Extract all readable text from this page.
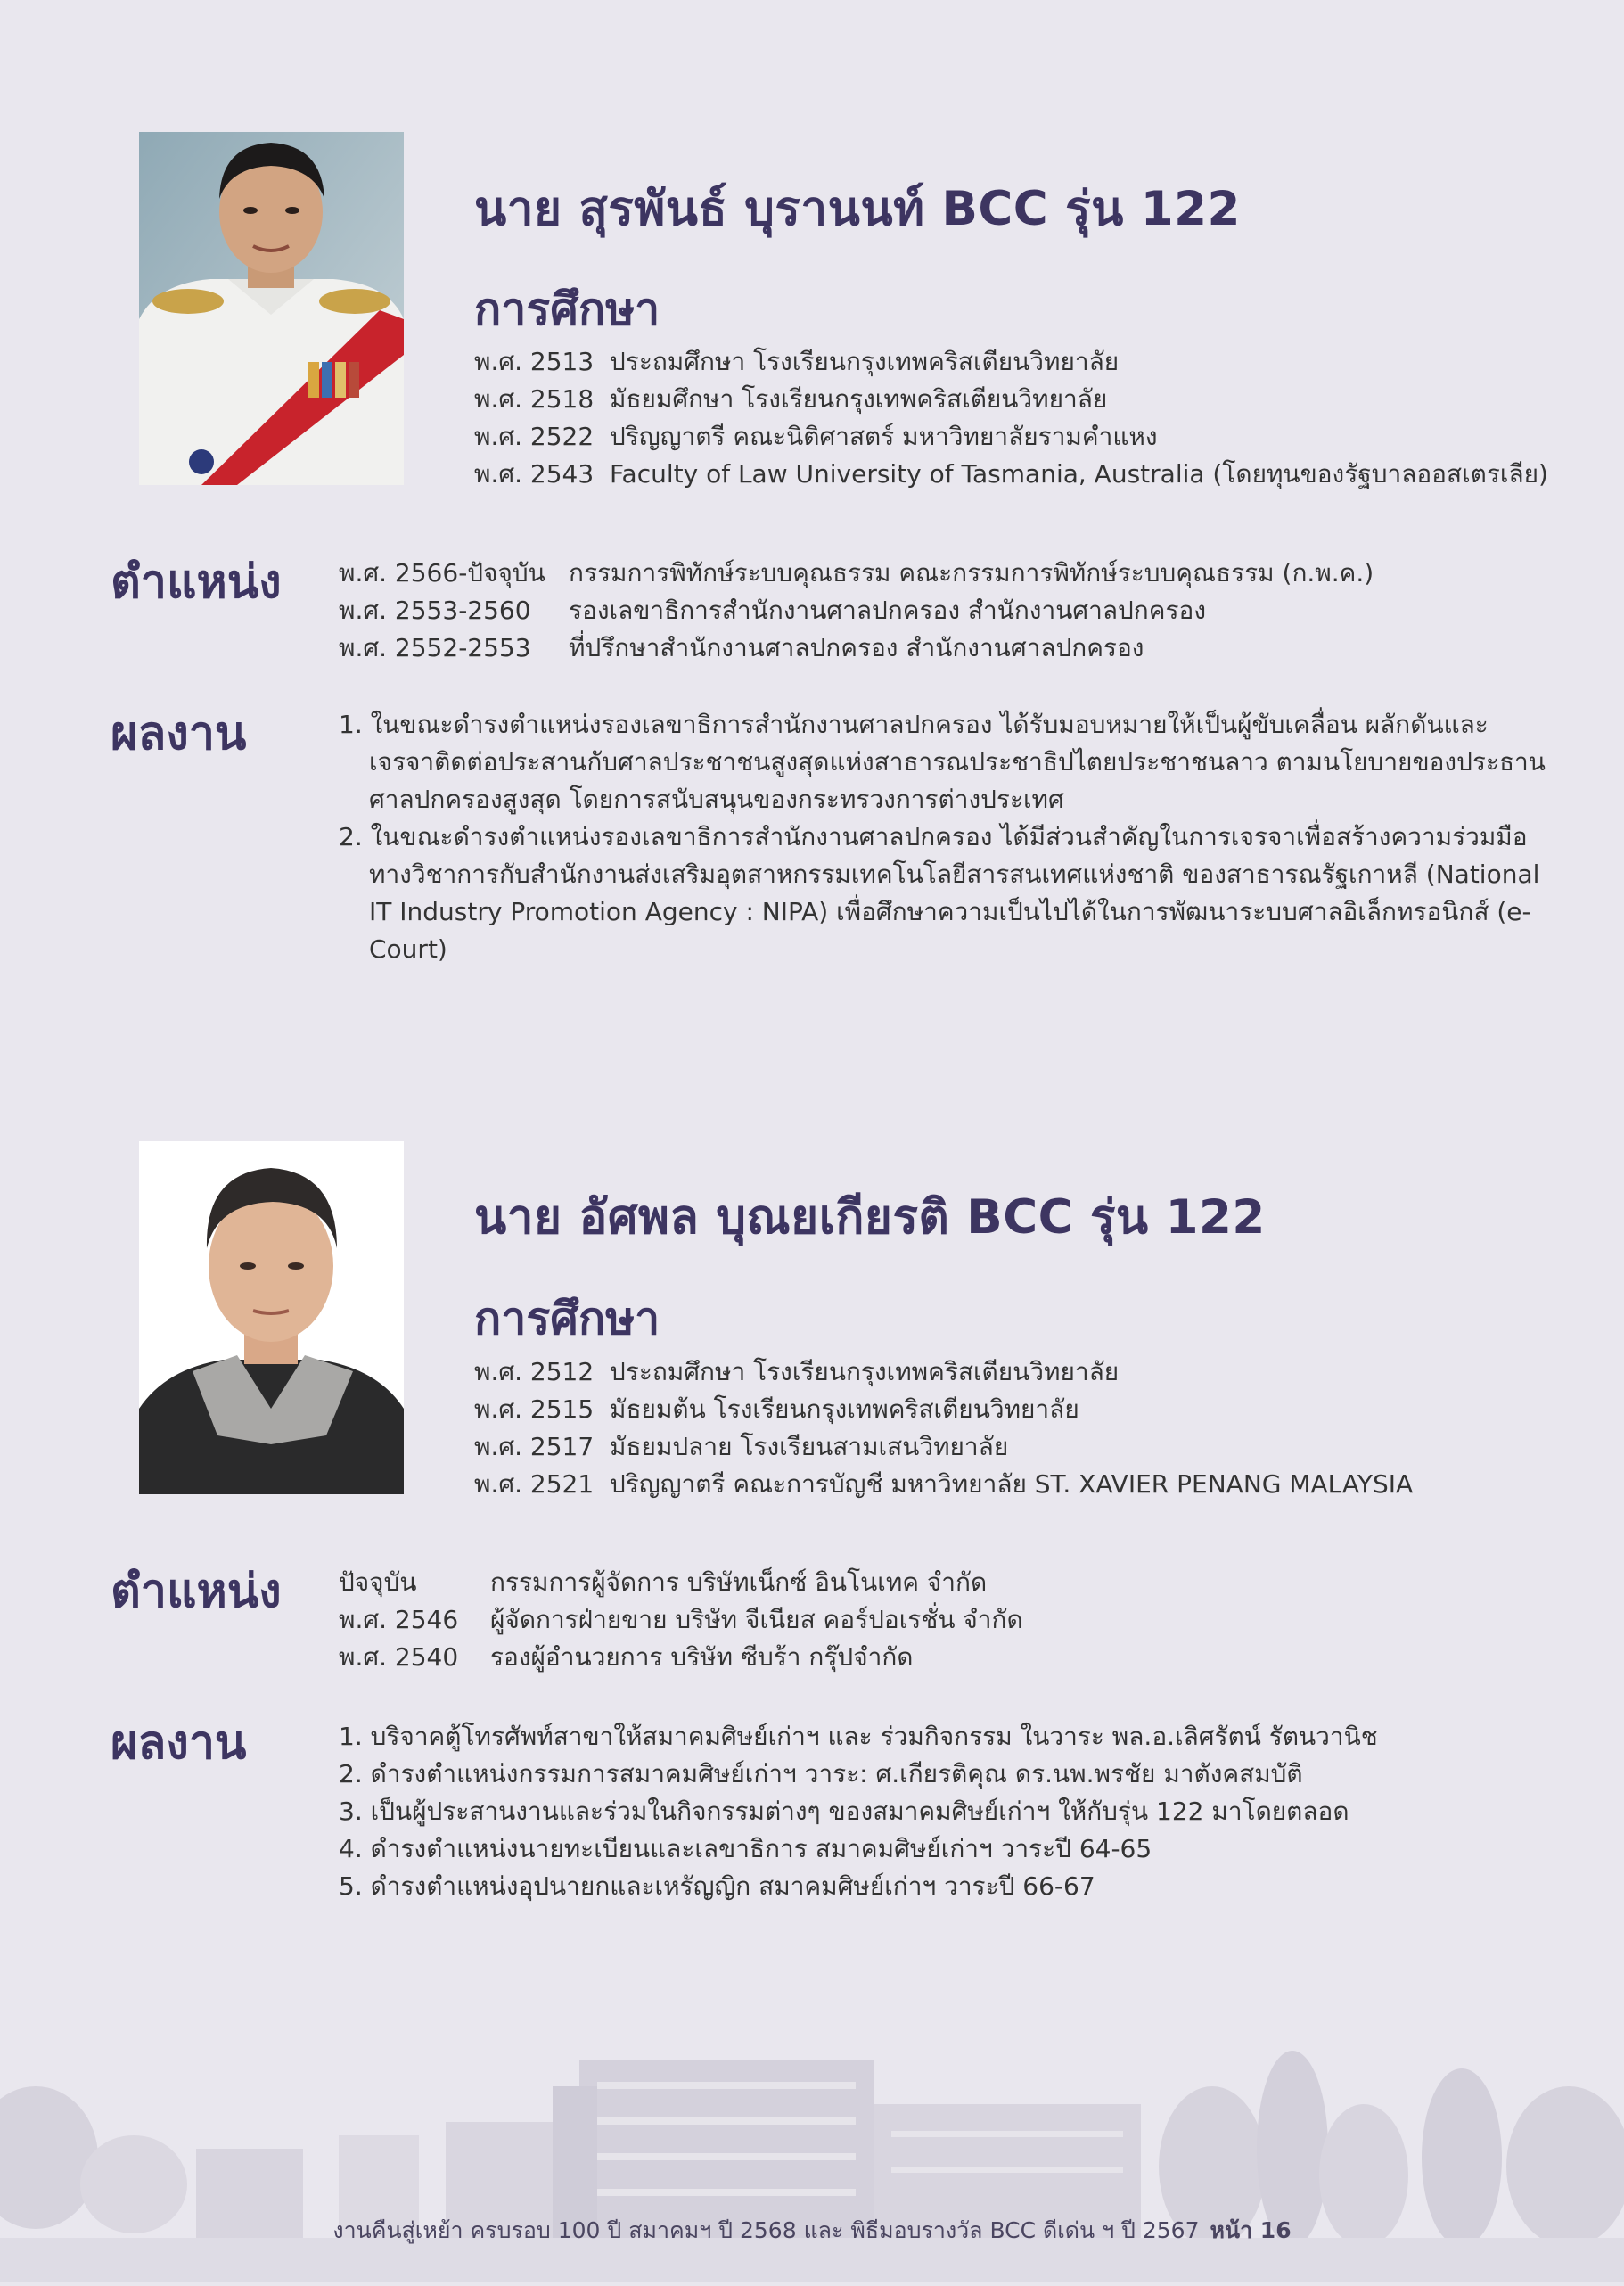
นาย สุรพันธ์ บุรานนท์ BCC รุ่น 122
การศึกษา
พ.ศ. 2513 ประถมศึกษา โรงเรียนกรุงเทพคริสเตียนวิทยาลัย
พ.ศ. 2518 มัธยมศึกษา โรงเรียนกรุงเทพคริสเตียนวิทยาลัย
พ.ศ. 2522 ปริญญาตรี คณะนิติศาสตร์ มหาวิทยาลัยรามคำแหง
พ.ศ. 2543 Faculty of Law University of Tasmania, Australia (โดยทุนของรัฐบาลออสเตรเลีย)
ตำแหน่ง พ.ศ. 2566-ปัจจุบัน กรรมการพิทักษ์ระบบคุณธรรม คณะกรรมการพิทักษ์ระบบคุณธรรม (ก.พ.ค.)
พ.ศ. 2553-2560 รองเลขาธิการสำนักงานศาลปกครอง สำนักงานศาลปกครอง
พ.ศ. 2552-2553 ที่ปรึกษาสำนักงานศาลปกครอง สำนักงานศาลปกครอง
ผลงาน	1. ในขณะดำรงตำแหน่งรองเลขาธิการสำนักงานศาลปกครอง ได้รับมอบหมายให้เป็นผู้ขับเคลื่อน ผลักดันและเจรจาติดต่อประสานกับศาลประชาชนสูงสุดแห่งสาธารณประชาธิปไตยประชาชนลาว ตามนโยบายของประธานศาลปกครองสูงสุด โดยการสนับสนุนของกระทรวงการต่างประเทศ
2. ในขณะดำรงตำแหน่งรองเลขาธิการสำนักงานศาลปกครอง ได้มีส่วนสำคัญในการเจรจาเพื่อสร้างความร่วมมือทางวิชาการกับสำนักงานส่งเสริมอุตสาหกรรมเทคโนโลยีสารสนเทศแห่งชาติ ของสาธารณรัฐเกาหลี (National IT Industry Promotion Agency : NIPA) เพื่อศึกษาความเป็นไปได้ในการพัฒนาระบบศาลอิเล็กทรอนิกส์ (e-Court)
นาย อัศพล บุณยเกียรติ BCC รุ่น 122
การศึกษา
พ.ศ. 2512 ประถมศึกษา โรงเรียนกรุงเทพคริสเตียนวิทยาลัย
พ.ศ. 2515 มัธยมต้น โรงเรียนกรุงเทพคริสเตียนวิทยาลัย
พ.ศ. 2517 มัธยมปลาย โรงเรียนสามเสนวิทยาลัย
พ.ศ. 2521 ปริญญาตรี คณะการบัญชี มหาวิทยาลัย ST. XAVIER PENANG MALAYSIA
ตำแหน่ง ปัจจุบัน	กรรมการผู้จัดการ บริษัทเน็กซ์ อินโนเทค จำกัด
พ.ศ. 2546 ผู้จัดการฝ่ายขาย บริษัท จีเนียส คอร์ปอเรชั่น จำกัด
พ.ศ. 2540 รองผู้อำนวยการ บริษัท ซีบร้า กรุ๊ปจำกัด
ผลงาน	1. บริจาคตู้โทรศัพท์สาขาให้สมาคมศิษย์เก่าฯ และ ร่วมกิจกรรม ในวาระ พล.อ.เลิศรัตน์ รัตนวานิช
2. ดำรงตำแหน่งกรรมการสมาคมศิษย์เก่าฯ วาระ: ศ.เกียรติคุณ ดร.นพ.พรชัย มาตังคสมบัติ
3. เป็นผู้ประสานงานและร่วมในกิจกรรมต่างๆ ของสมาคมศิษย์เก่าฯ ให้กับรุ่น 122 มาโดยตลอด
4. ดำรงตำแหน่งนายทะเบียนและเลขาธิการ สมาคมศิษย์เก่าฯ วาระปี 64-65
5. ดำรงตำแหน่งอุปนายกและเหรัญญิก สมาคมศิษย์เก่าฯ วาระปี 66-67
งานคืนสู่เหย้า ครบรอบ 100 ปี สมาคมฯ ปี 2568 และ พิธีมอบรางวัล BCC ดีเด่น ฯ ปี 2567 หน้า 16
